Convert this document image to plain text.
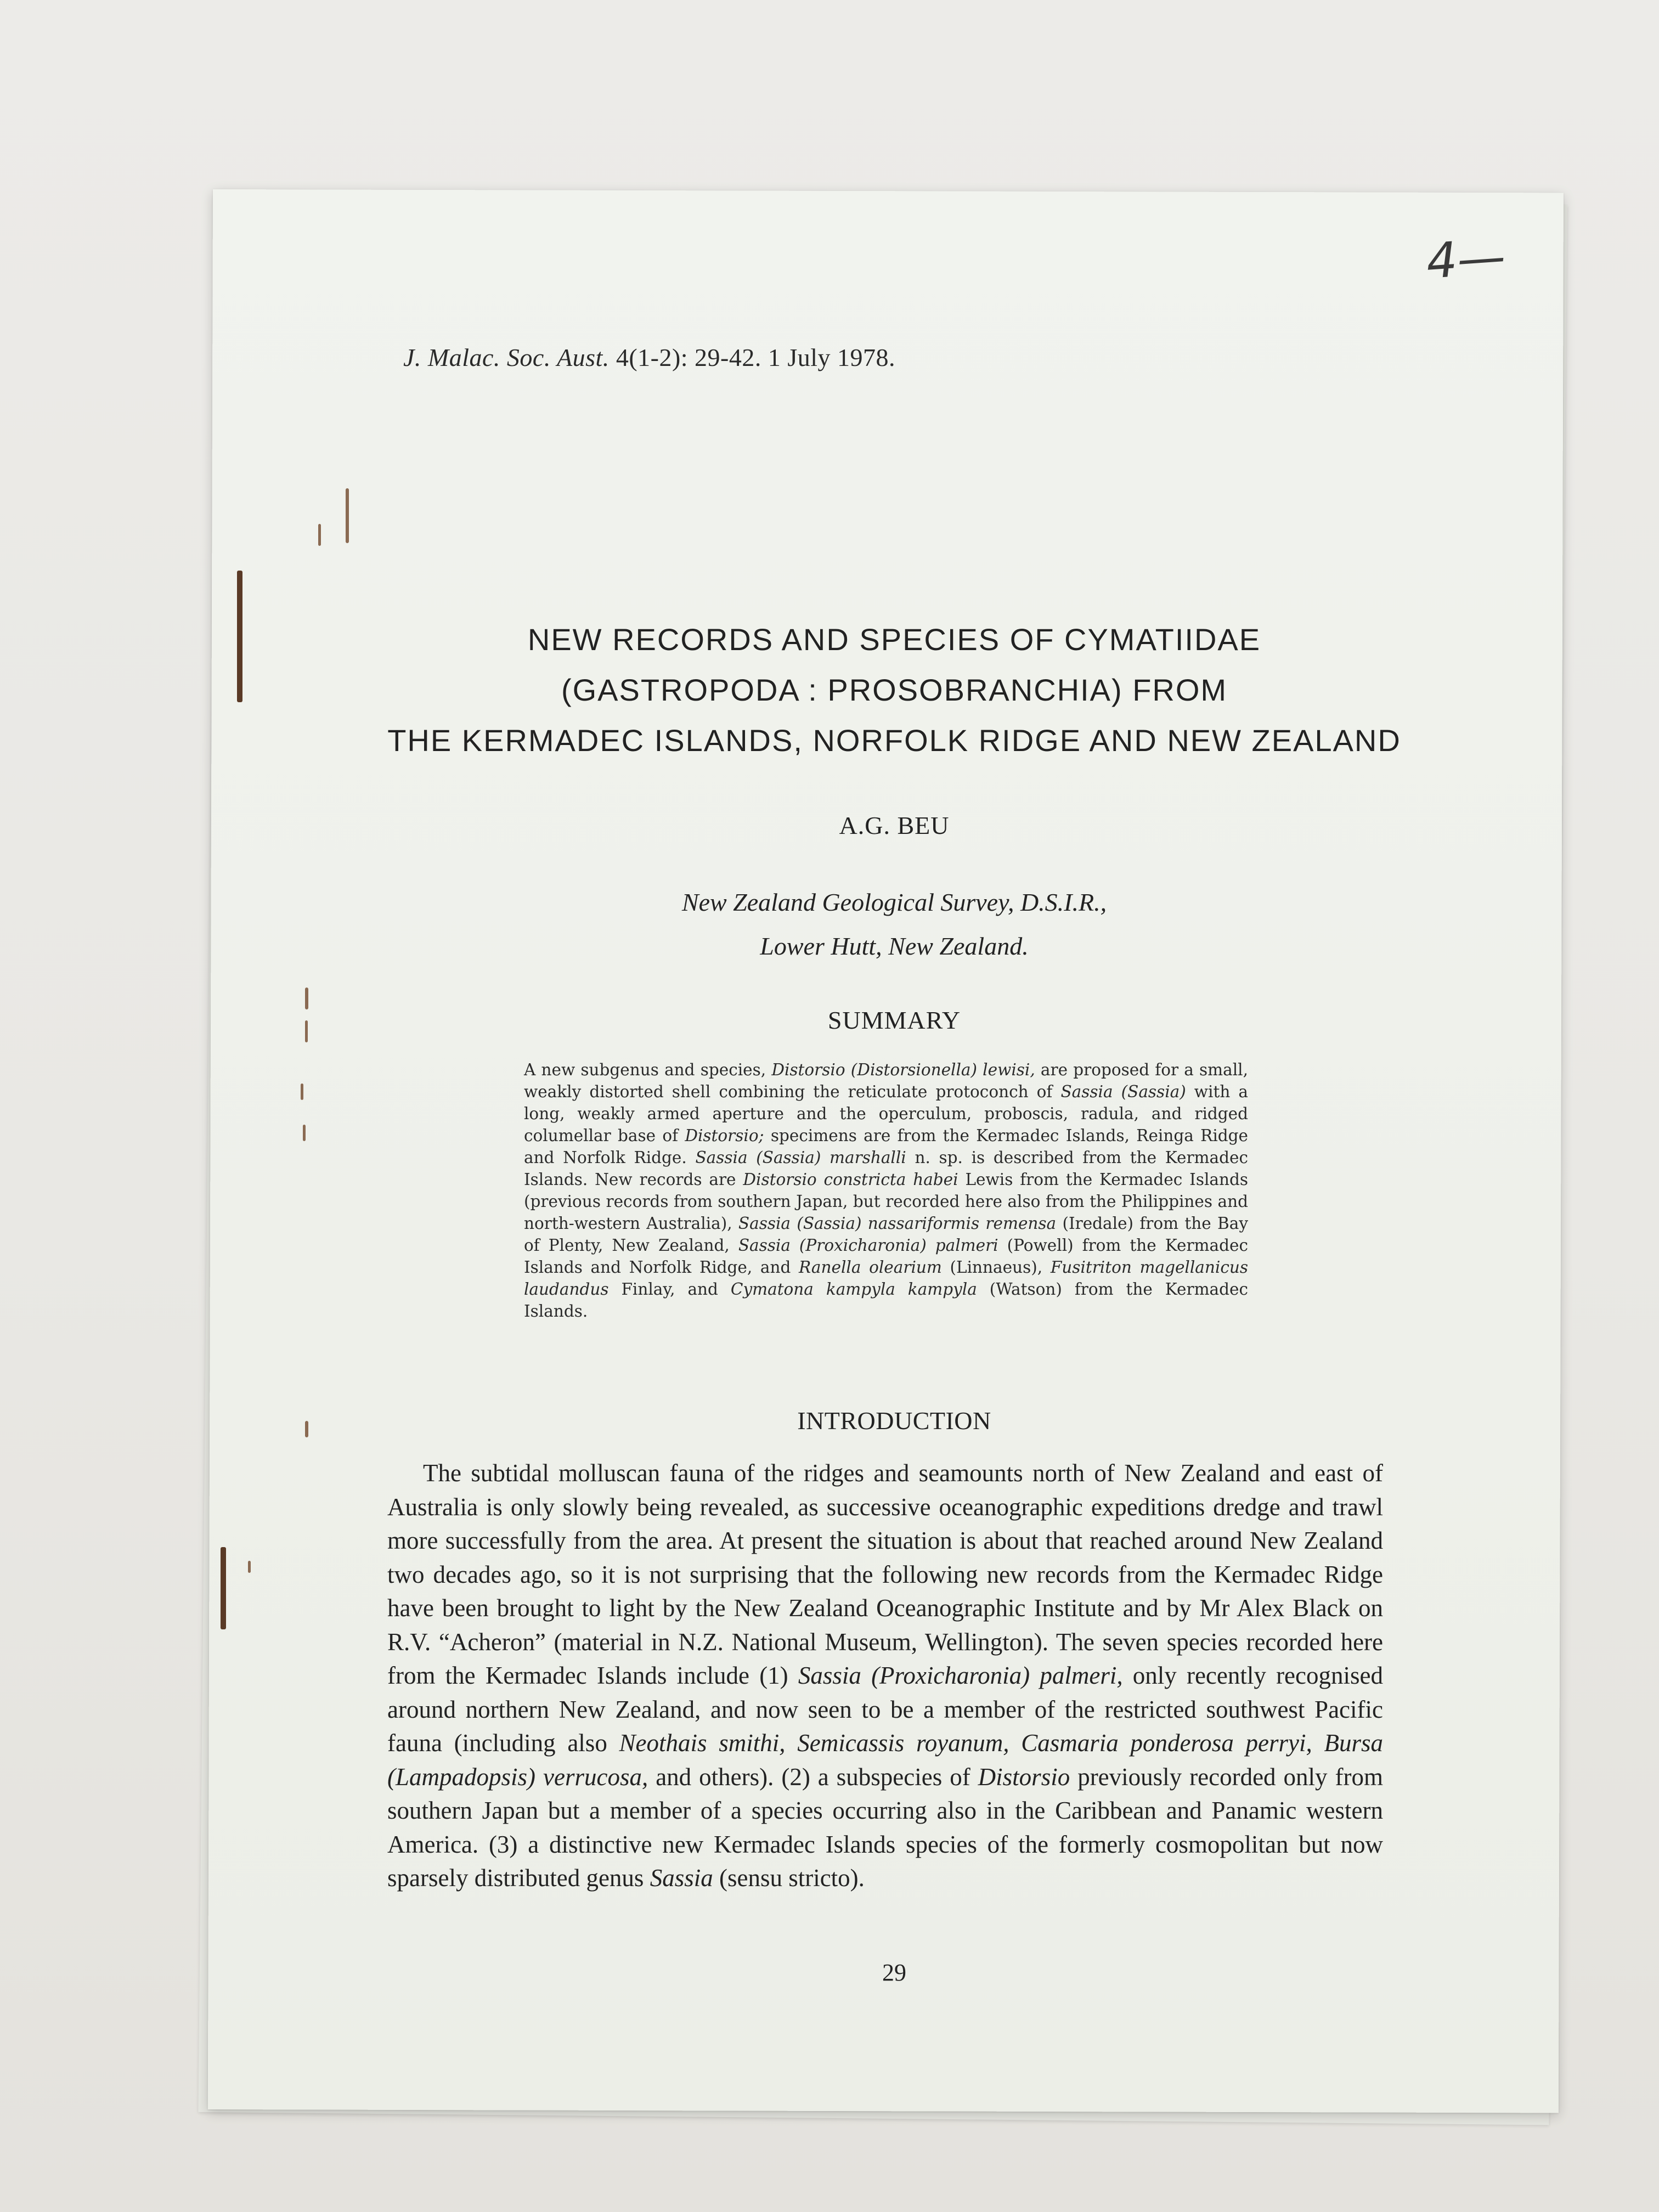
4—
J. Malac. Soc. Aust. 4(1-2): 29-42. 1 July 1978.
NEW RECORDS AND SPECIES OF CYMATIIDAE
(GASTROPODA : PROSOBRANCHIA) FROM
THE KERMADEC ISLANDS, NORFOLK RIDGE AND NEW ZEALAND
A.G. BEU
New Zealand Geological Survey, D.S.I.R.,
Lower Hutt, New Zealand.
SUMMARY
A new subgenus and species, Distorsio (Distorsionella) lewisi, are proposed for a small, weakly distorted shell combining the reticulate protoconch of Sassia (Sassia) with a long, weakly armed aperture and the operculum, proboscis, radula, and ridged columellar base of Distorsio; specimens are from the Kermadec Islands, Reinga Ridge and Norfolk Ridge. Sassia (Sassia) marshalli n. sp. is described from the Kermadec Islands. New records are Distorsio constricta habei Lewis from the Kermadec Islands (previous records from southern Japan, but recorded here also from the Philippines and north-western Australia), Sassia (Sassia) nassariformis remensa (Iredale) from the Bay of Plenty, New Zealand, Sassia (Proxicharonia) palmeri (Powell) from the Kermadec Islands and Norfolk Ridge, and Ranella olearium (Linnaeus), Fusitriton magellanicus laudandus Finlay, and Cymatona kampyla kampyla (Watson) from the Kermadec Islands.
INTRODUCTION
The subtidal molluscan fauna of the ridges and seamounts north of New Zealand and east of Australia is only slowly being revealed, as successive oceanographic expeditions dredge and trawl more successfully from the area. At present the situation is about that reached around New Zealand two decades ago, so it is not surprising that the following new records from the Kermadec Ridge have been brought to light by the New Zealand Oceanographic Institute and by Mr Alex Black on R.V. “Acheron” (material in N.Z. National Museum, Wellington). The seven species recorded here from the Kermadec Islands include (1) Sassia (Proxicharonia) palmeri, only recently recognised around northern New Zealand, and now seen to be a member of the restricted southwest Pacific fauna (including also Neothais smithi, Semicassis royanum, Casmaria ponderosa perryi, Bursa (Lampadopsis) verrucosa, and others). (2) a subspecies of Distorsio previously recorded only from southern Japan but a member of a species occurring also in the Caribbean and Panamic western America. (3) a distinctive new Kermadec Islands species of the formerly cosmopolitan but now sparsely distributed genus Sassia (sensu stricto).
29
